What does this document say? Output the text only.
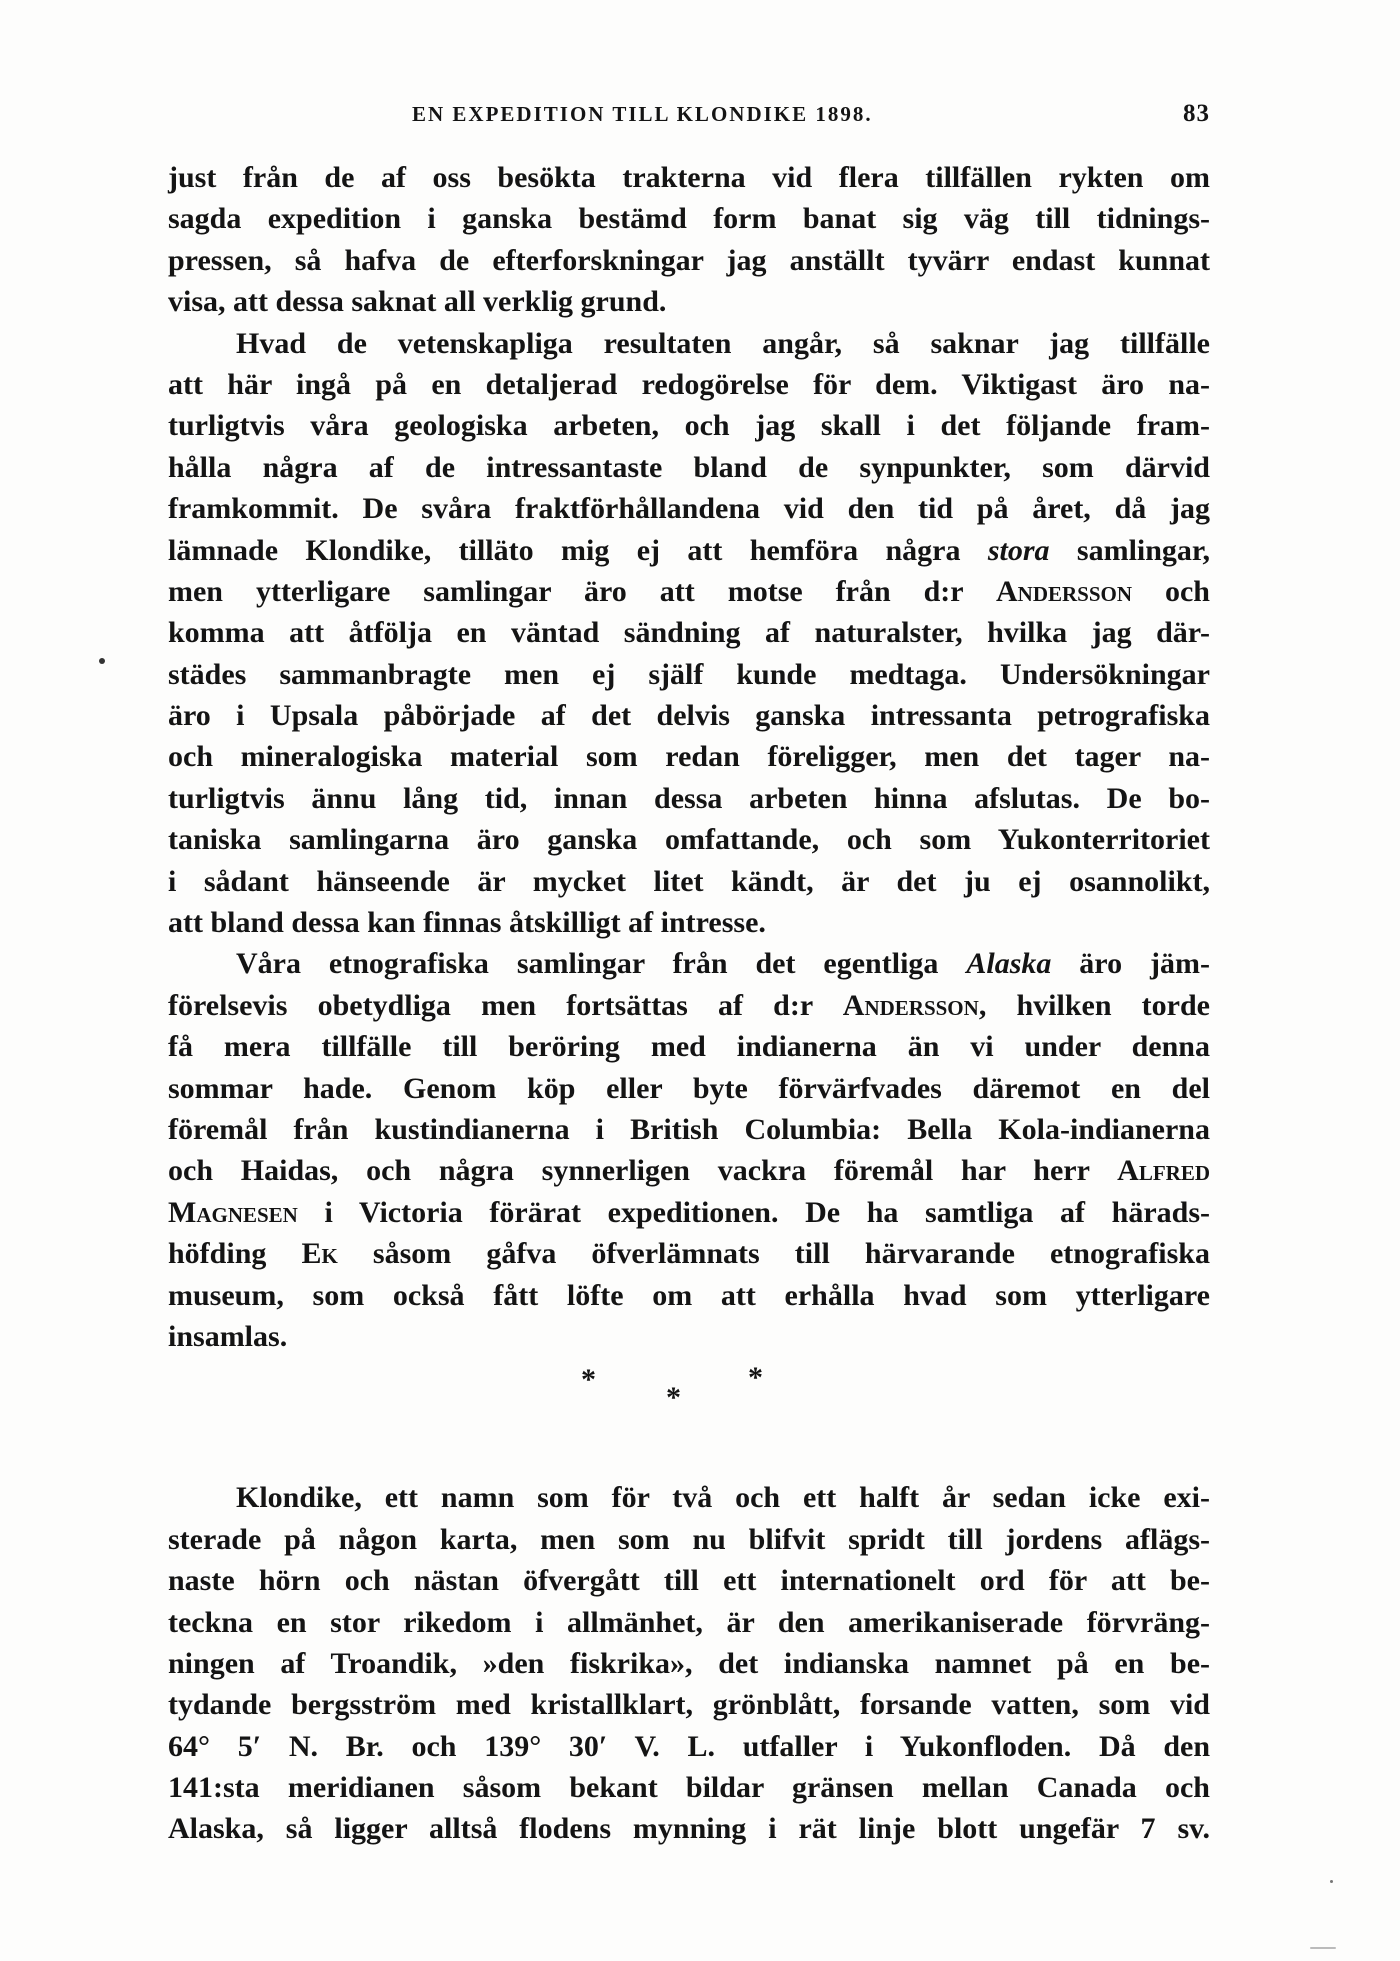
EN EXPEDITION TILL KLONDIKE 1898.	83
just från de af oss besökta trakterna vid flera tillfällen rykten om
sagda expedition i ganska bestämd form banat sig väg till tidnings-
pressen, så hafva de efterforskningar jag anställt tyvärr endast kunnat
visa, att dessa saknat all verklig grund.
Hvad de vetenskapliga resultaten angår, så saknar jag tillfälle
att här ingå på en detaljerad redogörelse för dem. Viktigast äro na-
turligtvis våra geologiska arbeten, och jag skall i det följande fram-
hålla några af de intressantaste bland de synpunkter, som därvid
framkommit. De svåra fraktförhållandena vid den tid på året, då jag
lämnade Klondike, tilläto mig ej att hemföra några stora samlingar,
men ytterligare samlingar äro att motse från d:r Andersson och
komma att åtfölja en väntad sändning af naturalster, hvilka jag där-
städes sammanbragte men ej själf kunde medtaga. Undersökningar
äro i Upsala påbörjade af det delvis ganska intressanta petrografiska
och mineralogiska material som redan föreligger, men det tager na-
turligtvis ännu lång tid, innan dessa arbeten hinna afslutas. De bo-
taniska samlingarna äro ganska omfattande, och som Yukonterritoriet
i sådant hänseende är mycket litet kändt, är det ju ej osannolikt,
att bland dessa kan finnas åtskilligt af intresse.
Våra etnografiska samlingar från det egentliga Alaska äro jäm-
förelsevis obetydliga men fortsättas af d:r Andersson, hvilken torde
få mera tillfälle till beröring med indianerna än vi under denna
sommar hade. Genom köp eller byte förvärfvades däremot en del
föremål från kustindianerna i British Columbia: Bella Kola-indianerna
och Haidas, och några synnerligen vackra föremål har herr Alfred
Magnesen i Victoria förärat expeditionen. De ha samtliga af härads-
höfding Ek såsom gåfva öfverlämnats till härvarande etnografiska
museum, som också fått löfte om att erhålla hvad som ytterligare
insamlas.
*
*
*
Klondike, ett namn som för två och ett halft år sedan icke exi-
sterade på någon karta, men som nu blifvit spridt till jordens aflägs-
naste hörn och nästan öfvergått till ett internationelt ord för att be-
teckna en stor rikedom i allmänhet, är den amerikaniserade förvräng-
ningen af Troandik, »den fiskrika», det indianska namnet på en be-
tydande bergsström med kristallklart, grönblått, forsande vatten, som vid
64° 5′ N. Br. och 139° 30′ V. L. utfaller i Yukonfloden. Då den
141:sta meridianen såsom bekant bildar gränsen mellan Canada och
Alaska, så ligger alltså flodens mynning i rät linje blott ungefär 7 sv.
